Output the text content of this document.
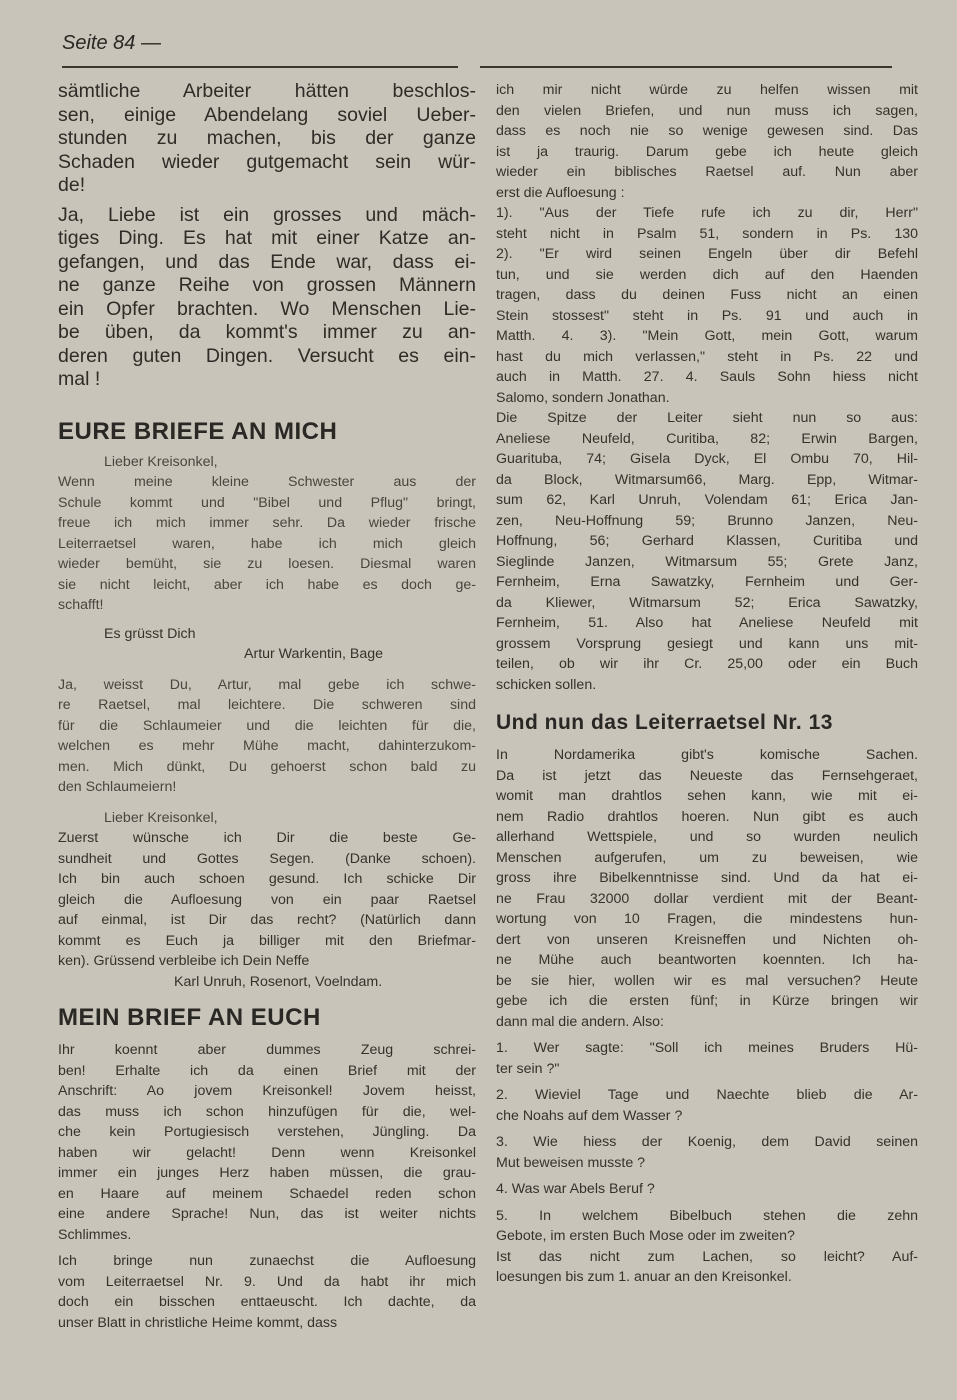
Seite 84 —
sämtliche Arbeiter hätten beschlos-
sen, einige Abendelang soviel Ueber-
stunden zu machen, bis der ganze
Schaden wieder gutgemacht sein wür-
de!
Ja, Liebe ist ein grosses und mäch-
tiges Ding. Es hat mit einer Katze an-
gefangen, und das Ende war, dass ei-
ne ganze Reihe von grossen Männern
ein Opfer brachten. Wo Menschen Lie-
be üben, da kommt's immer zu an-
deren guten Dingen. Versucht es ein-
mal !
EURE BRIEFE AN MICH
Lieber Kreisonkel,
Wenn meine kleine Schwester aus der
Schule kommt und "Bibel und Pflug" bringt,
freue ich mich immer sehr. Da wieder frische
Leiterraetsel waren, habe ich mich gleich
wieder bemüht, sie zu loesen. Diesmal waren
sie nicht leicht, aber ich habe es doch ge-
schafft!
Es grüsst Dich
Artur Warkentin, Bage
Ja, weisst Du, Artur, mal gebe ich schwe-
re Raetsel, mal leichtere. Die schweren sind
für die Schlaumeier und die leichten für die,
welchen es mehr Mühe macht, dahinterzukom-
men. Mich dünkt, Du gehoerst schon bald zu
den Schlaumeiern!
Lieber Kreisonkel,
Zuerst wünsche ich Dir die beste Ge-
sundheit und Gottes Segen. (Danke schoen).
Ich bin auch schoen gesund. Ich schicke Dir
gleich die Aufloesung von ein paar Raetsel
auf einmal, ist Dir das recht? (Natürlich dann
kommt es Euch ja billiger mit den Briefmar-
ken). Grüssend verbleibe ich Dein Neffe
Karl Unruh, Rosenort, Voelndam.
MEIN BRIEF AN EUCH
Ihr koennt aber dummes Zeug schrei-
ben! Erhalte ich da einen Brief mit der
Anschrift: Ao jovem Kreisonkel! Jovem heisst,
das muss ich schon hinzufügen für die, wel-
che kein Portugiesisch verstehen, Jüngling. Da
haben wir gelacht! Denn wenn Kreisonkel
immer ein junges Herz haben müssen, die grau-
en Haare auf meinem Schaedel reden schon
eine andere Sprache! Nun, das ist weiter nichts
Schlimmes.
Ich bringe nun zunaechst die Aufloesung
vom Leiterraetsel Nr. 9. Und da habt ihr mich
doch ein bisschen enttaeuscht. Ich dachte, da
unser Blatt in christliche Heime kommt, dass
ich mir nicht würde zu helfen wissen mit
den vielen Briefen, und nun muss ich sagen,
dass es noch nie so wenige gewesen sind. Das
ist ja traurig. Darum gebe ich heute gleich
wieder ein biblisches Raetsel auf. Nun aber
erst die Aufloesung :
1). "Aus der Tiefe rufe ich zu dir, Herr"
steht nicht in Psalm 51, sondern in Ps. 130
2). "Er wird seinen Engeln über dir Befehl
tun, und sie werden dich auf den Haenden
tragen, dass du deinen Fuss nicht an einen
Stein stossest" steht in Ps. 91 und auch in
Matth. 4. 3). "Mein Gott, mein Gott, warum
hast du mich verlassen," steht in Ps. 22 und
auch in Matth. 27. 4. Sauls Sohn hiess nicht
Salomo, sondern Jonathan.
Die Spitze der Leiter sieht nun so aus:
Aneliese Neufeld, Curitiba, 82; Erwin Bargen,
Guarituba, 74; Gisela Dyck, El Ombu 70, Hil-
da Block, Witmarsum66, Marg. Epp, Witmar-
sum 62, Karl Unruh, Volendam 61; Erica Jan-
zen, Neu-Hoffnung 59; Brunno Janzen, Neu-
Hoffnung, 56; Gerhard Klassen, Curitiba und
Sieglinde Janzen, Witmarsum 55; Grete Janz,
Fernheim, Erna Sawatzky, Fernheim und Ger-
da Kliewer, Witmarsum 52; Erica Sawatzky,
Fernheim, 51. Also hat Aneliese Neufeld mit
grossem Vorsprung gesiegt und kann uns mit-
teilen, ob wir ihr Cr. 25,00 oder ein Buch
schicken sollen.
Und nun das Leiterraetsel Nr. 13
In Nordamerika gibt's komische Sachen.
Da ist jetzt das Neueste das Fernsehgeraet,
womit man drahtlos sehen kann, wie mit ei-
nem Radio drahtlos hoeren. Nun gibt es auch
allerhand Wettspiele, und so wurden neulich
Menschen aufgerufen, um zu beweisen, wie
gross ihre Bibelkenntnisse sind. Und da hat ei-
ne Frau 32000 dollar verdient mit der Beant-
wortung von 10 Fragen, die mindestens hun-
dert von unseren Kreisneffen und Nichten oh-
ne Mühe auch beantworten koennten. Ich ha-
be sie hier, wollen wir es mal versuchen? Heute
gebe ich die ersten fünf; in Kürze bringen wir
dann mal die andern. Also:
1. Wer sagte: "Soll ich meines Bruders Hü-
ter sein ?"
2. Wieviel Tage und Naechte blieb die Ar-
che Noahs auf dem Wasser ?
3. Wie hiess der Koenig, dem David seinen
Mut beweisen musste ?
4. Was war Abels Beruf ?
5. In welchem Bibelbuch stehen die zehn
Gebote, im ersten Buch Mose oder im zweiten?
Ist das nicht zum Lachen, so leicht? Auf-
loesungen bis zum 1. anuar an den Kreisonkel.
